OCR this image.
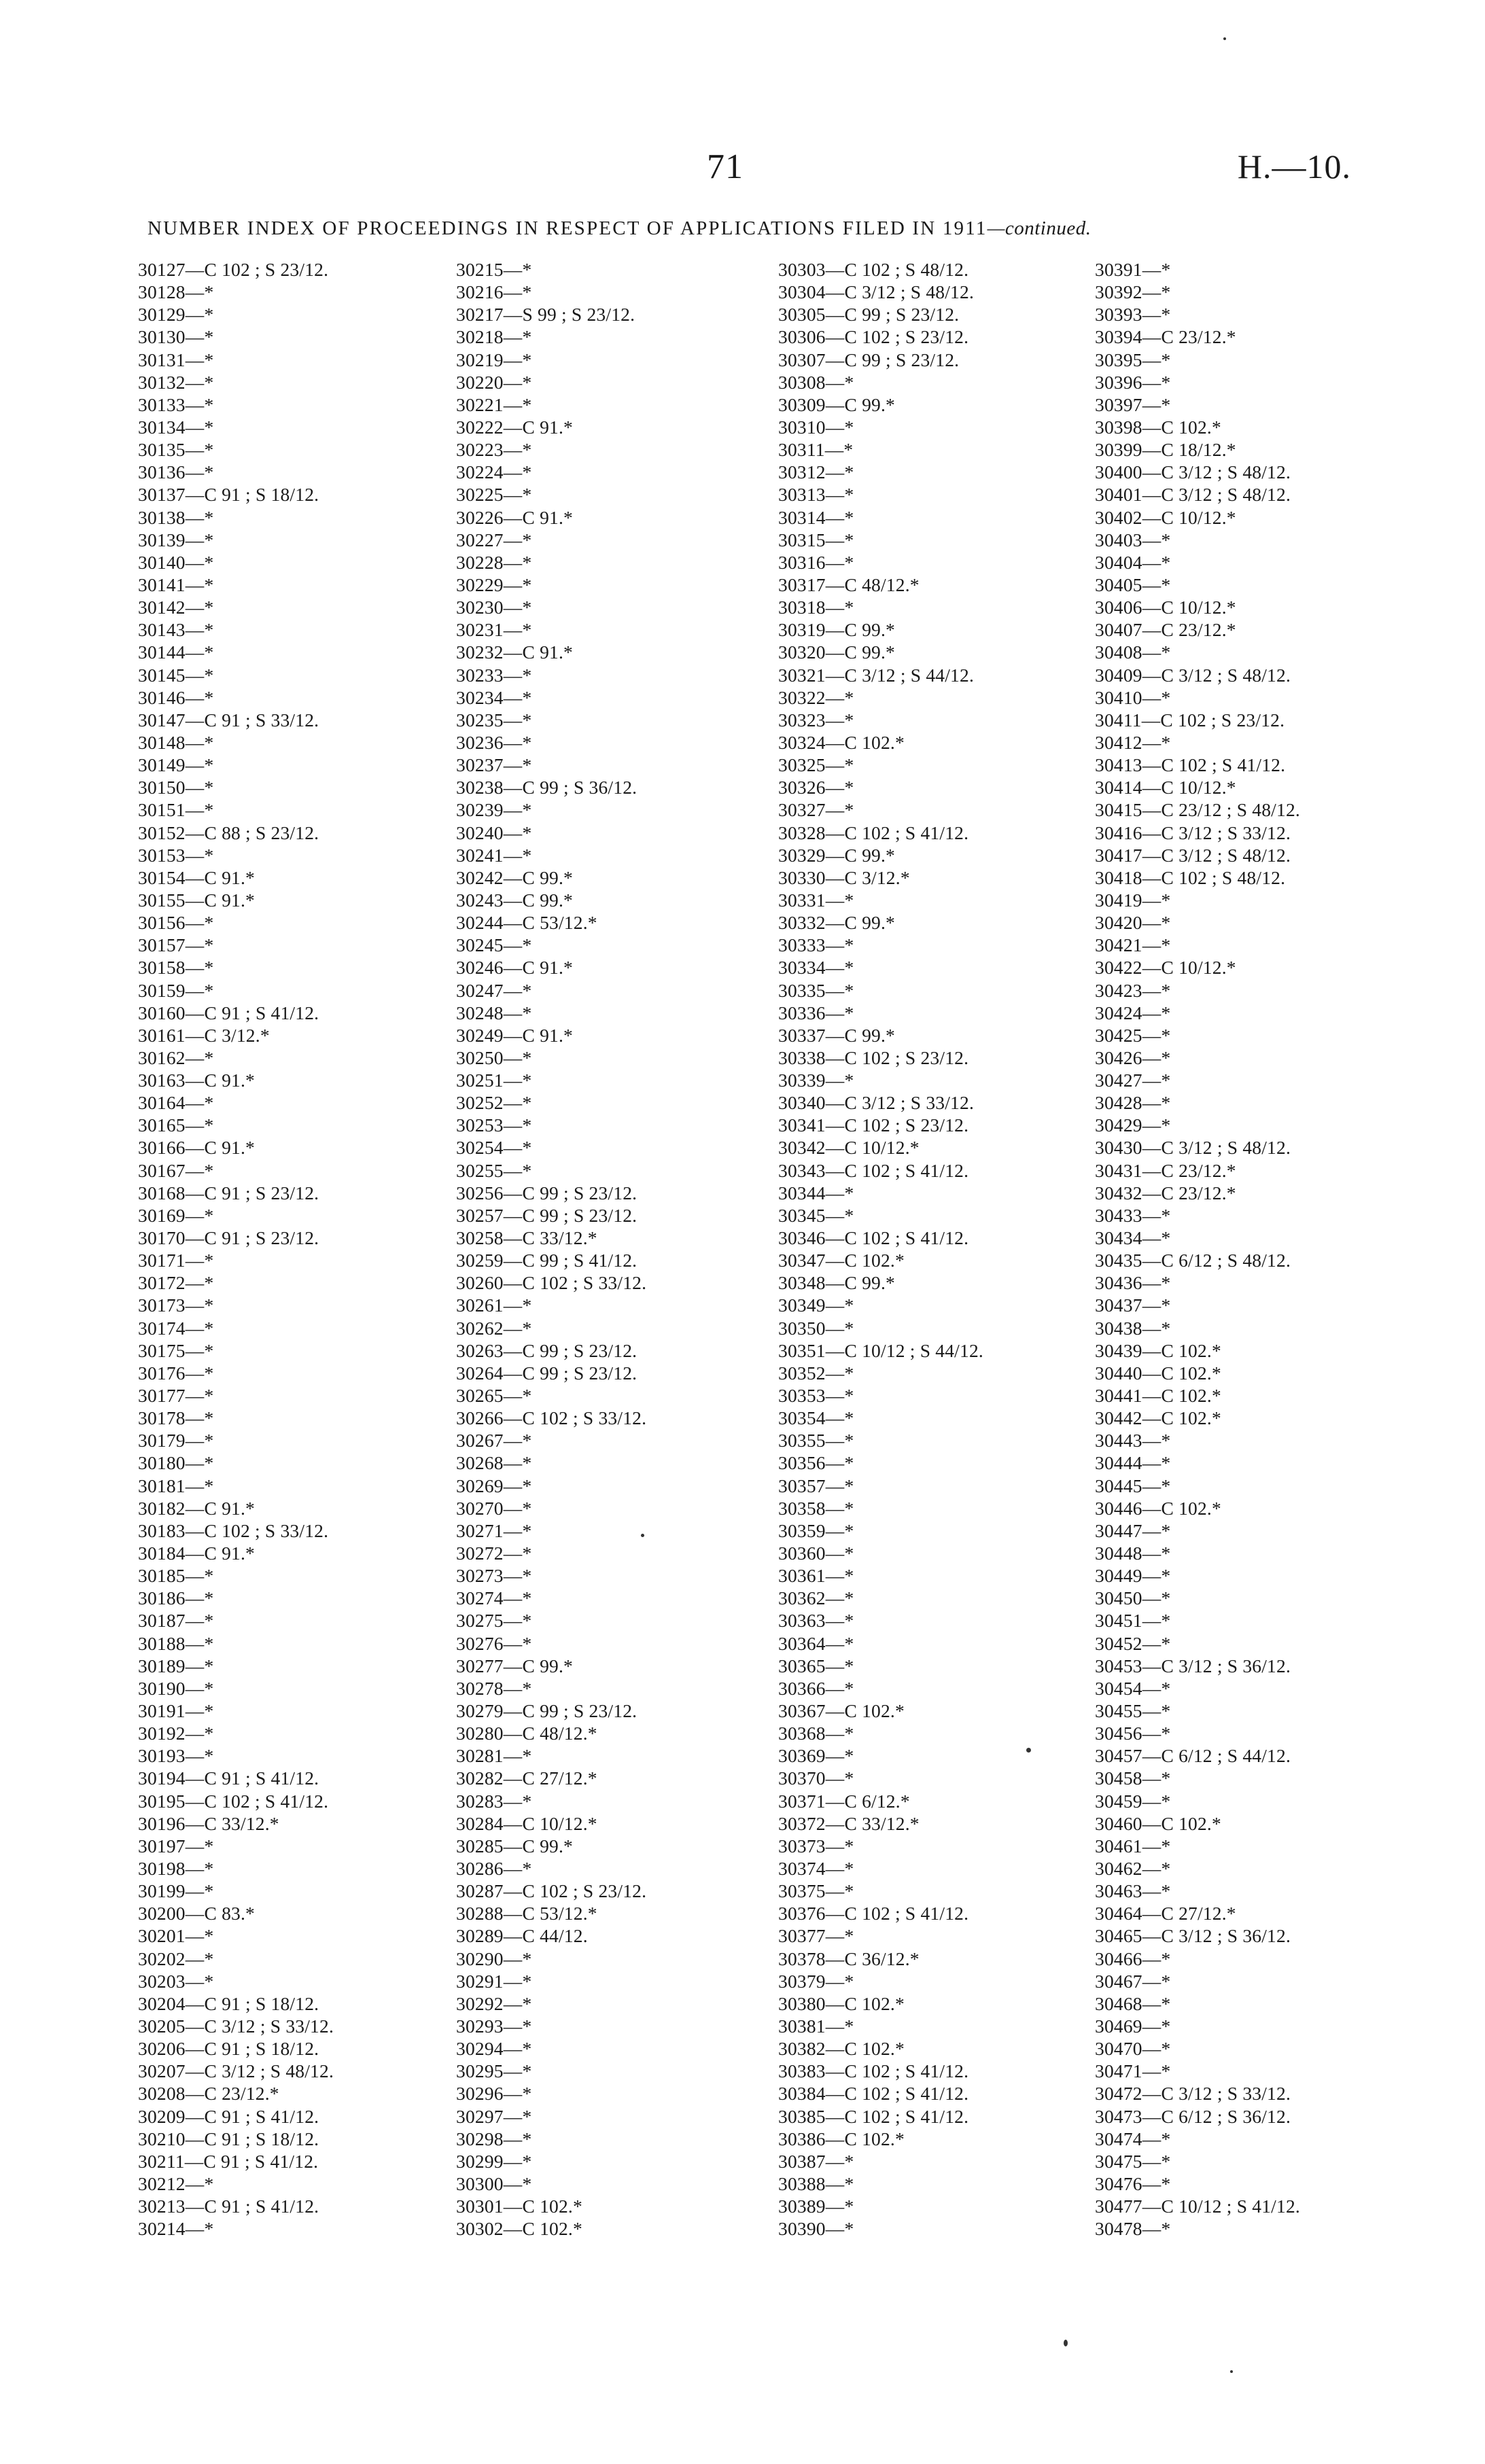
71	H.—10.
NUMBER INDEX OF PROCEEDINGS IN RESPECT OF APPLICATIONS FILED IN 1911—continued.
30127—C 102 ; S 23/12.
30128—*
30129—*
30130—*
30131—*
30132—*
30133—*
30134—*
30135—*
30136—*
30137—C 91 ; S 18/12.
30138—*
30139—*
30140—*
30141—*
30142—*
30143—*
30144—*
30145—*
30146—*
30147—C 91 ; S 33/12.
30148—*
30149—*
30150—*
30151—*
30152—C 88 ; S 23/12.
30153—*
30154—C 91.*
30155—C 91.*
30156—*
30157—*
30158—*
30159—*
30160—C 91 ; S 41/12.
30161—C 3/12.*
30162—*
30163—C 91.*
30164—*
30165—*
30166—C 91.*
30167—*
30168—C 91 ; S 23/12.
30169—*
30170—C 91 ; S 23/12.
30171—*
30172—*
30173—*
30174—*
30175—*
30176—*
30177—*
30178—*
30179—*
30180—*
30181—*
30182—C 91.*
30183—C 102 ; S 33/12.
30184—C 91.*
30185—*
30186—*
30187—*
30188—*
30189—*
30190—*
30191—*
30192—*
30193—*
30194—C 91 ; S 41/12.
30195—C 102 ; S 41/12.
30196—C 33/12.*
30197—*
30198—*
30199—*
30200—C 83.*
30201—*
30202—*
30203—*
30204—C 91 ; S 18/12.
30205—C 3/12 ; S 33/12.
30206—C 91 ; S 18/12.
30207—C 3/12 ; S 48/12.
30208—C 23/12.*
30209—C 91 ; S 41/12.
30210—C 91 ; S 18/12.
30211—C 91 ; S 41/12.
30212—*
30213—C 91 ; S 41/12.
30214—*
30215—*
30216—*
30217—S 99 ; S 23/12.
30218—*
30219—*
30220—*
30221—*
30222—C 91.*
30223—*
30224—*
30225—*
30226—C 91.*
30227—*
30228—*
30229—*
30230—*
30231—*
30232—C 91.*
30233—*
30234—*
30235—*
30236—*
30237—*
30238—C 99 ; S 36/12.
30239—*
30240—*
30241—*
30242—C 99.*
30243—C 99.*
30244—C 53/12.*
30245—*
30246—C 91.*
30247—*
30248—*
30249—C 91.*
30250—*
30251—*
30252—*
30253—*
30254—*
30255—*
30256—C 99 ; S 23/12.
30257—C 99 ; S 23/12.
30258—C 33/12.*
30259—C 99 ; S 41/12.
30260—C 102 ; S 33/12.
30261—*
30262—*
30263—C 99 ; S 23/12.
30264—C 99 ; S 23/12.
30265—*
30266—C 102 ; S 33/12.
30267—*
30268—*
30269—*
30270—*
30271—*
30272—*
30273—*
30274—*
30275—*
30276—*
30277—C 99.*
30278—*
30279—C 99 ; S 23/12.
30280—C 48/12.*
30281—*
30282—C 27/12.*
30283—*
30284—C 10/12.*
30285—C 99.*
30286—*
30287—C 102 ; S 23/12.
30288—C 53/12.*
30289—C 44/12.
30290—*
30291—*
30292—*
30293—*
30294—*
30295—*
30296—*
30297—*
30298—*
30299—*
30300—*
30301—C 102.*
30302—C 102.*
30303—C 102 ; S 48/12.
30304—C 3/12 ; S 48/12.
30305—C 99 ; S 23/12.
30306—C 102 ; S 23/12.
30307—C 99 ; S 23/12.
30308—*
30309—C 99.*
30310—*
30311—*
30312—*
30313—*
30314—*
30315—*
30316—*
30317—C 48/12.*
30318—*
30319—C 99.*
30320—C 99.*
30321—C 3/12 ; S 44/12.
30322—*
30323—*
30324—C 102.*
30325—*
30326—*
30327—*
30328—C 102 ; S 41/12.
30329—C 99.*
30330—C 3/12.*
30331—*
30332—C 99.*
30333—*
30334—*
30335—*
30336—*
30337—C 99.*
30338—C 102 ; S 23/12.
30339—*
30340—C 3/12 ; S 33/12.
30341—C 102 ; S 23/12.
30342—C 10/12.*
30343—C 102 ; S 41/12.
30344—*
30345—*
30346—C 102 ; S 41/12.
30347—C 102.*
30348—C 99.*
30349—*
30350—*
30351—C 10/12 ; S 44/12.
30352—*
30353—*
30354—*
30355—*
30356—*
30357—*
30358—*
30359—*
30360—*
30361—*
30362—*
30363—*
30364—*
30365—*
30366—*
30367—C 102.*
30368—*
30369—*
30370—*
30371—C 6/12.*
30372—C 33/12.*
30373—*
30374—*
30375—*
30376—C 102 ; S 41/12.
30377—*
30378—C 36/12.*
30379—*
30380—C 102.*
30381—*
30382—C 102.*
30383—C 102 ; S 41/12.
30384—C 102 ; S 41/12.
30385—C 102 ; S 41/12.
30386—C 102.*
30387—*
30388—*
30389—*
30390—*
30391—*
30392—*
30393—*
30394—C 23/12.*
30395—*
30396—*
30397—*
30398—C 102.*
30399—C 18/12.*
30400—C 3/12 ; S 48/12.
30401—C 3/12 ; S 48/12.
30402—C 10/12.*
30403—*
30404—*
30405—*
30406—C 10/12.*
30407—C 23/12.*
30408—*
30409—C 3/12 ; S 48/12.
30410—*
30411—C 102 ; S 23/12.
30412—*
30413—C 102 ; S 41/12.
30414—C 10/12.*
30415—C 23/12 ; S 48/12.
30416—C 3/12 ; S 33/12.
30417—C 3/12 ; S 48/12.
30418—C 102 ; S 48/12.
30419—*
30420—*
30421—*
30422—C 10/12.*
30423—*
30424—*
30425—*
30426—*
30427—*
30428—*
30429—*
30430—C 3/12 ; S 48/12.
30431—C 23/12.*
30432—C 23/12.*
30433—*
30434—*
30435—C 6/12 ; S 48/12.
30436—*
30437—*
30438—*
30439—C 102.*
30440—C 102.*
30441—C 102.*
30442—C 102.*
30443—*
30444—*
30445—*
30446—C 102.*
30447—*
30448—*
30449—*
30450—*
30451—*
30452—*
30453—C 3/12 ; S 36/12.
30454—*
30455—*
30456—*
30457—C 6/12 ; S 44/12.
30458—*
30459—*
30460—C 102.*
30461—*
30462—*
30463—*
30464—C 27/12.*
30465—C 3/12 ; S 36/12.
30466—*
30467—*
30468—*
30469—*
30470—*
30471—*
30472—C 3/12 ; S 33/12.
30473—C 6/12 ; S 36/12.
30474—*
30475—*
30476—*
30477—C 10/12 ; S 41/12.
30478—*
